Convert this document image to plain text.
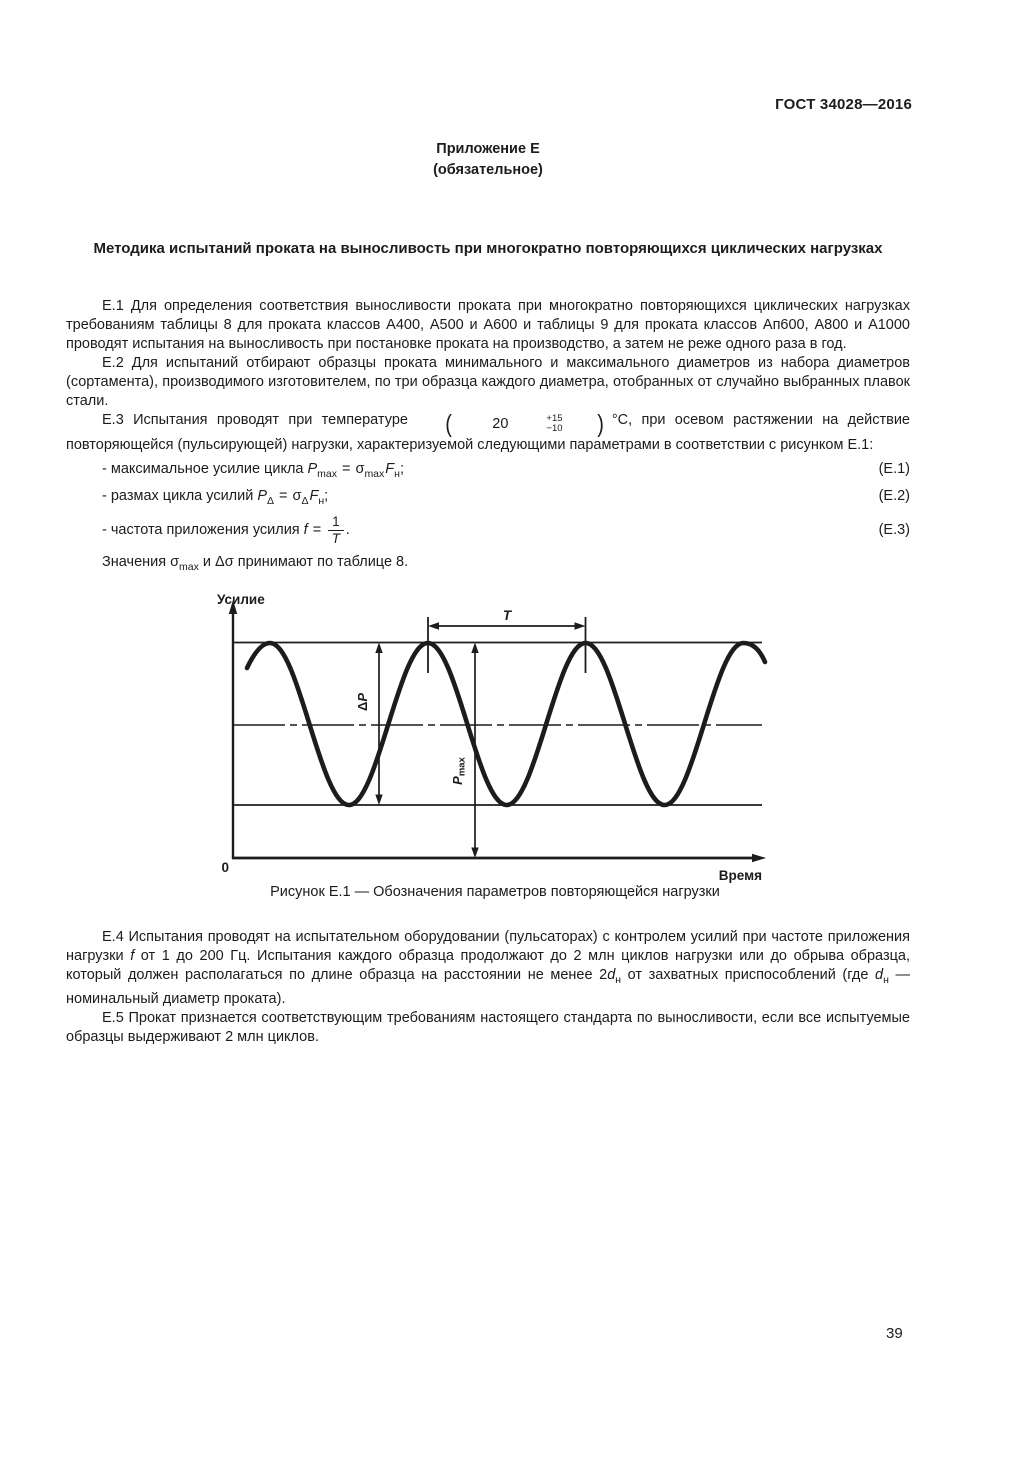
ГОСТ 34028—2016
Приложение Е
(обязательное)
Методика испытаний проката на выносливость при многократно повторяющихся циклических нагрузках

Е.1 Для определения соответствия выносливости проката при многократно повторяющихся циклических нагрузках требованиям таблицы 8 для проката классов А400, А500 и А600 и таблицы 9 для проката классов Ап600, А800 и А1000 проводят испытания на выносливость при постановке проката на производство, а затем не реже одного раза в год.

Е.2 Для испытаний отбирают образцы проката минимального и максимального диаметров из набора диаметров (сортамента), производимого изготовителем, по три образца каждого диаметра, отобранных от случайно выбранных плавок стали.

Е.3 Испытания проводят при температуре	(	20	+15
−10	) °С, при осевом растяжении на действие повторяющейся (пульсирующей) нагрузки, характеризуемой следующими параметрами в соответствии с рисунком Е.1:

- максимальное усилие цикла $P_{max} = \sigma_{max}F_н$;	(Е.1)
- размах цикла усилий $P_\Delta = \sigma_\Delta F_н$;	(Е.2)
- частота приложения усилия $f = \frac{1}{T}$ .	(Е.3)

Значения $\sigma_{max}$ и Δσ принимают по таблице 8.

T
ΔP
Pmax
Усилие
Время
0
Рисунок Е.1 — Обозначения параметров повторяющейся нагрузки

Е.4 Испытания проводят на испытательном оборудовании (пульсаторах) с контролем усилий при частоте приложения нагрузки f от 1 до 200 Гц. Испытания каждого образца продолжают до 2 млн циклов нагрузки или до обрыва образца, который должен располагаться по длине образца на расстоянии не менее $2d_н$ от захватных приспособлений (где $d_н$ — номинальный диаметр проката).

Е.5 Прокат признается соответствующим требованиям настоящего стандарта по выносливости, если все испытуемые образцы выдерживают 2 млн циклов.

39
